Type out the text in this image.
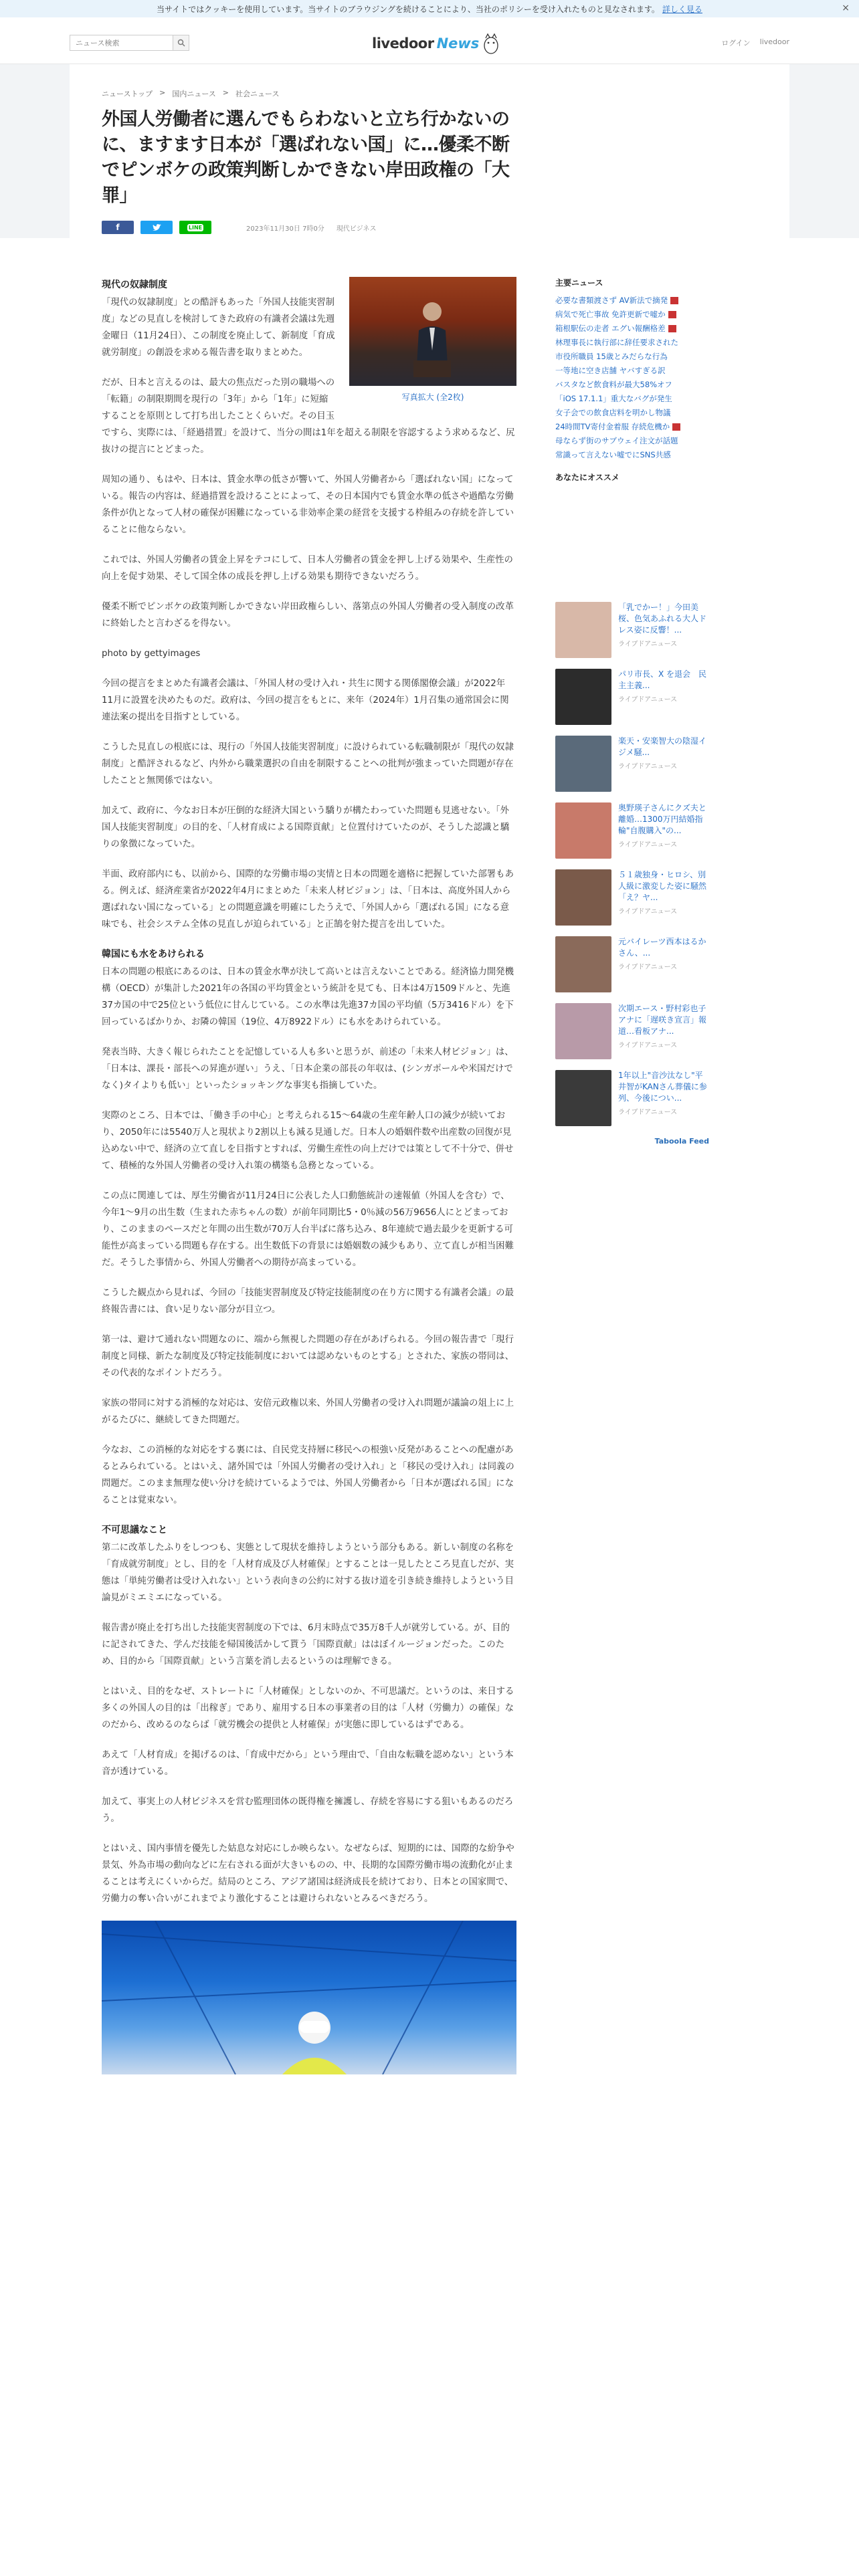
当サイトではクッキーを使用しています。当サイトのブラウジングを続けることにより、当社のポリシーを受け入れたものと見なされます。 詳しく見る	×
ニュース検索
livedoor News	ログイン livedoor
ニューストップ > 国内ニュース > 社会ニュース
外国人労働者に選んでもらわないと立ち行かないのに、ますます日本が「選ばれない国」に…優柔不断でピンボケの政策判断しかできない岸田政権の「大罪」
f	LINE	2023年11月30日 7時0分 現代ビジネス
写真拡大 (全2枚)
現代の奴隷制度

「現代の奴隷制度」との酷評もあった「外国人技能実習制度」などの見直しを検討してきた政府の有識者会議は先週金曜日（11月24日）、この制度を廃止して、新制度「育成就労制度」の創設を求める報告書を取りまとめた。

だが、日本と言えるのは、最大の焦点だった別の職場への「転籍」の制限期間を現行の「3年」から「1年」に短縮することを原則として打ち出したことくらいだ。その目玉ですら、実際には、「経過措置」を設けて、当分の間は1年を超える制限を容認するよう求めるなど、尻抜けの提言にとどまった。

周知の通り、もはや、日本は、賃金水準の低さが響いて、外国人労働者から「選ばれない国」になっている。報告の内容は、経過措置を設けることによって、その日本国内でも賃金水準の低さや過酷な労働条件が仇となって人材の確保が困難になっている非効率企業の経営を支援する枠組みの存続を許していることに他ならない。

これでは、外国人労働者の賃金上昇をテコにして、日本人労働者の賃金を押し上げる効果や、生産性の向上を促す効果、そして国全体の成長を押し上げる効果も期待できないだろう。

優柔不断でピンボケの政策判断しかできない岸田政権らしい、落第点の外国人労働者の受入制度の改革に終始したと言わざるを得ない。

photo by gettyimages

今回の提言をまとめた有識者会議は、「外国人材の受け入れ・共生に関する関係閣僚会議」が2022年11月に設置を決めたものだ。政府は、今回の提言をもとに、来年（2024年）1月召集の通常国会に関連法案の提出を目指すとしている。

こうした見直しの根底には、現行の「外国人技能実習制度」に設けられている転職制限が「現代の奴隷制度」と酷評されるなど、内外から職業選択の自由を制限することへの批判が強まっていた問題が存在したことと無関係ではない。

加えて、政府に、今なお日本が圧倒的な経済大国という驕りが構たわっていた問題も見逃せない。「外国人技能実習制度」の目的を、「人材育成による国際貢献」と位置付けていたのが、そうした認識と驕りの象徴になっていた。

半面、政府部内にも、以前から、国際的な労働市場の実情と日本の問題を適格に把握していた部署もある。例えば、経済産業省が2022年4月にまとめた「未来人材ビジョン」は、「日本は、高度外国人から選ばれない国になっている」との問題意識を明確にしたうえで、「外国人から「選ばれる国」になる意味でも、社会システム全体の見直しが迫られている」と正鵠を射た提言を出していた。

韓国にも水をあけられる

日本の問題の根底にあるのは、日本の賃金水準が決して高いとは言えないことである。経済協力開発機構（OECD）が集計した2021年の各国の平均賃金という統計を見ても、日本は4万1509ドルと、先進37カ国の中で25位という低位に甘んじている。この水準は先進37カ国の平均値（5万3416ドル）を下回っているばかりか、お隣の韓国（19位、4万8922ドル）にも水をあけられている。

発表当時、大きく報じられたことを記憶している人も多いと思うが、前述の「未来人材ビジョン」は、「日本は、課長・部長への昇進が遅い」うえ、「日本企業の部長の年収は、(シンガポールや米国だけでなく)タイよりも低い」といったショッキングな事実も指摘していた。

実際のところ、日本では、「働き手の中心」と考えられる15〜64歳の生産年齢人口の減少が続いており、2050年には5540万人と現状より2割以上も減る見通しだ。日本人の婚姻件数や出産数の回復が見込めない中で、経済の立て直しを目指すとすれば、労働生産性の向上だけでは策として不十分で、併せて、積極的な外国人労働者の受け入れ策の構築も急務となっている。

この点に関連しては、厚生労働省が11月24日に公表した人口動態統計の速報値（外国人を含む）で、今年1〜9月の出生数（生まれた赤ちゃんの数）が前年同期比5・0％減の56万9656人にとどまっており、このままのペースだと年間の出生数が70万人台半ばに落ち込み、8年連続で過去最少を更新する可能性が高まっている問題も存在する。出生数低下の背景には婚姻数の減少もあり、立て直しが相当困難だ。そうした事情から、外国人労働者への期待が高まっている。

こうした観点から見れば、今回の「技能実習制度及び特定技能制度の在り方に関する有識者会議」の最終報告書には、食い足りない部分が目立つ。

第一は、避けて通れない問題なのに、端から無視した問題の存在があげられる。今回の報告書で「現行制度と同様、新たな制度及び特定技能制度においては認めないものとする」とされた、家族の帯同は、その代表的なポイントだろう。

家族の帯同に対する消極的な対応は、安倍元政権以来、外国人労働者の受け入れ問題が議論の俎上に上がるたびに、継続してきた問題だ。

今なお、この消極的な対応をする裏には、自民党支持層に移民への根強い反発があることへの配慮があるとみられている。とはいえ、諸外国では「外国人労働者の受け入れ」と「移民の受け入れ」は同義の問題だ。このまま無理な使い分けを続けているようでは、外国人労働者から「日本が選ばれる国」になることは覚束ない。

不可思議なこと

第二に改革したふりをしつつも、実態として現状を維持しようという部分もある。新しい制度の名称を「育成就労制度」とし、目的を「人材育成及び人材確保」とすることは一見したところ見直しだが、実態は「単純労働者は受け入れない」という表向きの公約に対する抜け道を引き続き維持しようという目論見がミエミエになっている。

報告書が廃止を打ち出した技能実習制度の下では、6月末時点で35万8千人が就労している。が、目的に記されてきた、学んだ技能を帰国後活かして貰う「国際貢献」ははぼイルージョンだった。このため、目的から「国際貢献」という言葉を消し去るというのは理解できる。

とはいえ、目的をなぜ、ストレートに「人材確保」としないのか、不可思議だ。というのは、来日する多くの外国人の目的は「出稼ぎ」であり、雇用する日本の事業者の目的は「人材（労働力）の確保」なのだから、改めるのならば「就労機会の提供と人材確保」が実態に即しているはずである。

あえて「人材育成」を掲げるのは、「育成中だから」という理由で、「自由な転職を認めない」という本音が透けている。

加えて、事実上の人材ビジネスを営む監理団体の既得権を擁護し、存続を容易にする狙いもあるのだろう。

とはいえ、国内事情を優先した姑息な対応にしか映らない。なぜならば、短期的には、国際的な紛争や景気、外為市場の動向などに左右される面が大きいものの、中、長期的な国際労働市場の流動化が止まることは考えにくいからだ。結局のところ、アジア諸国は経済成長を続けており、日本との国家間で、労働力の奪い合いがこれまでより激化することは避けられないとみるべきだろう。

主要ニュース
必要な書類渡さず AV新法で摘発
病気で死亡事故 免許更新で嘘か
箱根駅伝の走者 エグい報酬格差
林理事長に執行部に辞任要求された
市役所職員 15歳とみだらな行為
一等地に空き店舗 ヤバすぎる訳
バスタなど飲食料が最大58%オフ
「iOS 17.1.1」重大なバグが発生
女子会での飲食店料を明かし物議
24時間TV寄付金着服 存続危機か
母ならず街のサブウェイ注文が話題
常識って言えない嘘でにSNS共感
あなたにオススメ
「乳でかー！」今田美桜、色気あふれる大人ドレス姿に反響！...
ライブドアニュース
パリ市長、X を退会　民主主義...
ライブドアニュース
楽天・安楽智大の陰湿イジメ騒...
ライブドアニュース
奥野瑛子さんにクズ夫と離婚…1300万円結婚指輪"自腹購入"の...
ライブドアニュース
５１歳独身・ヒロシ、別人級に激変した姿に騒然「え？ヤ...
ライブドアニュース
元バイレーツ西本はるかさん、...
ライブドアニュース
次期エース・野村彩也子アナに「遅咲き宣言」報道…看板アナ...
ライブドアニュース
1年以上"音沙汰なし"平井智がKANさん葬儀に参列、今後につい...
ライブドアニュース
Taboola Feed
